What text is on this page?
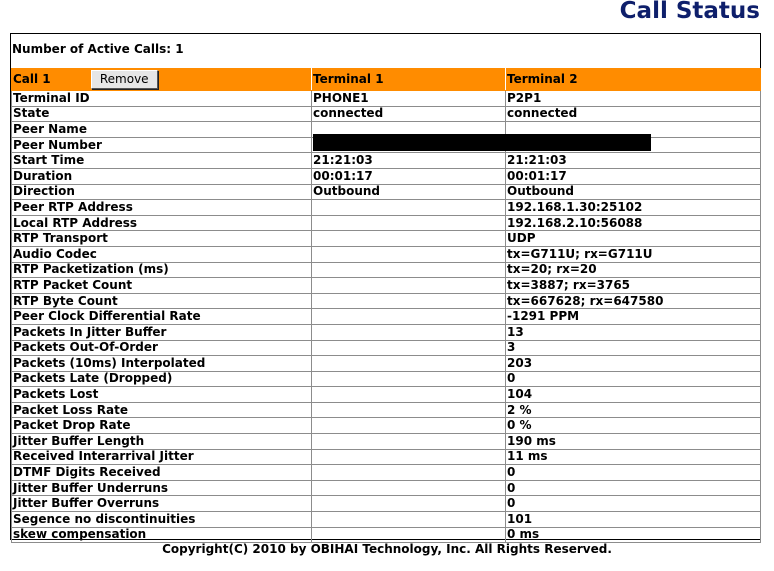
Call Status
Number of Active Calls: 1
Call 1 Remove	Terminal 1	Terminal 2
Terminal ID	PHONE1	P2P1
State	connected	connected
Peer Name		
Peer Number		
Start Time	21:21:03	21:21:03
Duration	00:01:17	00:01:17
Direction	Outbound	Outbound
Peer RTP Address		192.168.1.30:25102
Local RTP Address		192.168.2.10:56088
RTP Transport		UDP
Audio Codec		tx=G711U; rx=G711U
RTP Packetization (ms)		tx=20; rx=20
RTP Packet Count		tx=3887; rx=3765
RTP Byte Count		tx=667628; rx=647580
Peer Clock Differential Rate		-1291 PPM
Packets In Jitter Buffer		13
Packets Out-Of-Order		3
Packets (10ms) Interpolated		203
Packets Late (Dropped)		0
Packets Lost		104
Packet Loss Rate		2 %
Packet Drop Rate		0 %
Jitter Buffer Length		190 ms
Received Interarrival Jitter		11 ms
DTMF Digits Received		0
Jitter Buffer Underruns		0
Jitter Buffer Overruns		0
Segence no discontinuities		101
skew compensation		0 ms
Copyright(C) 2010 by OBIHAI Technology, Inc. All Rights Reserved.
